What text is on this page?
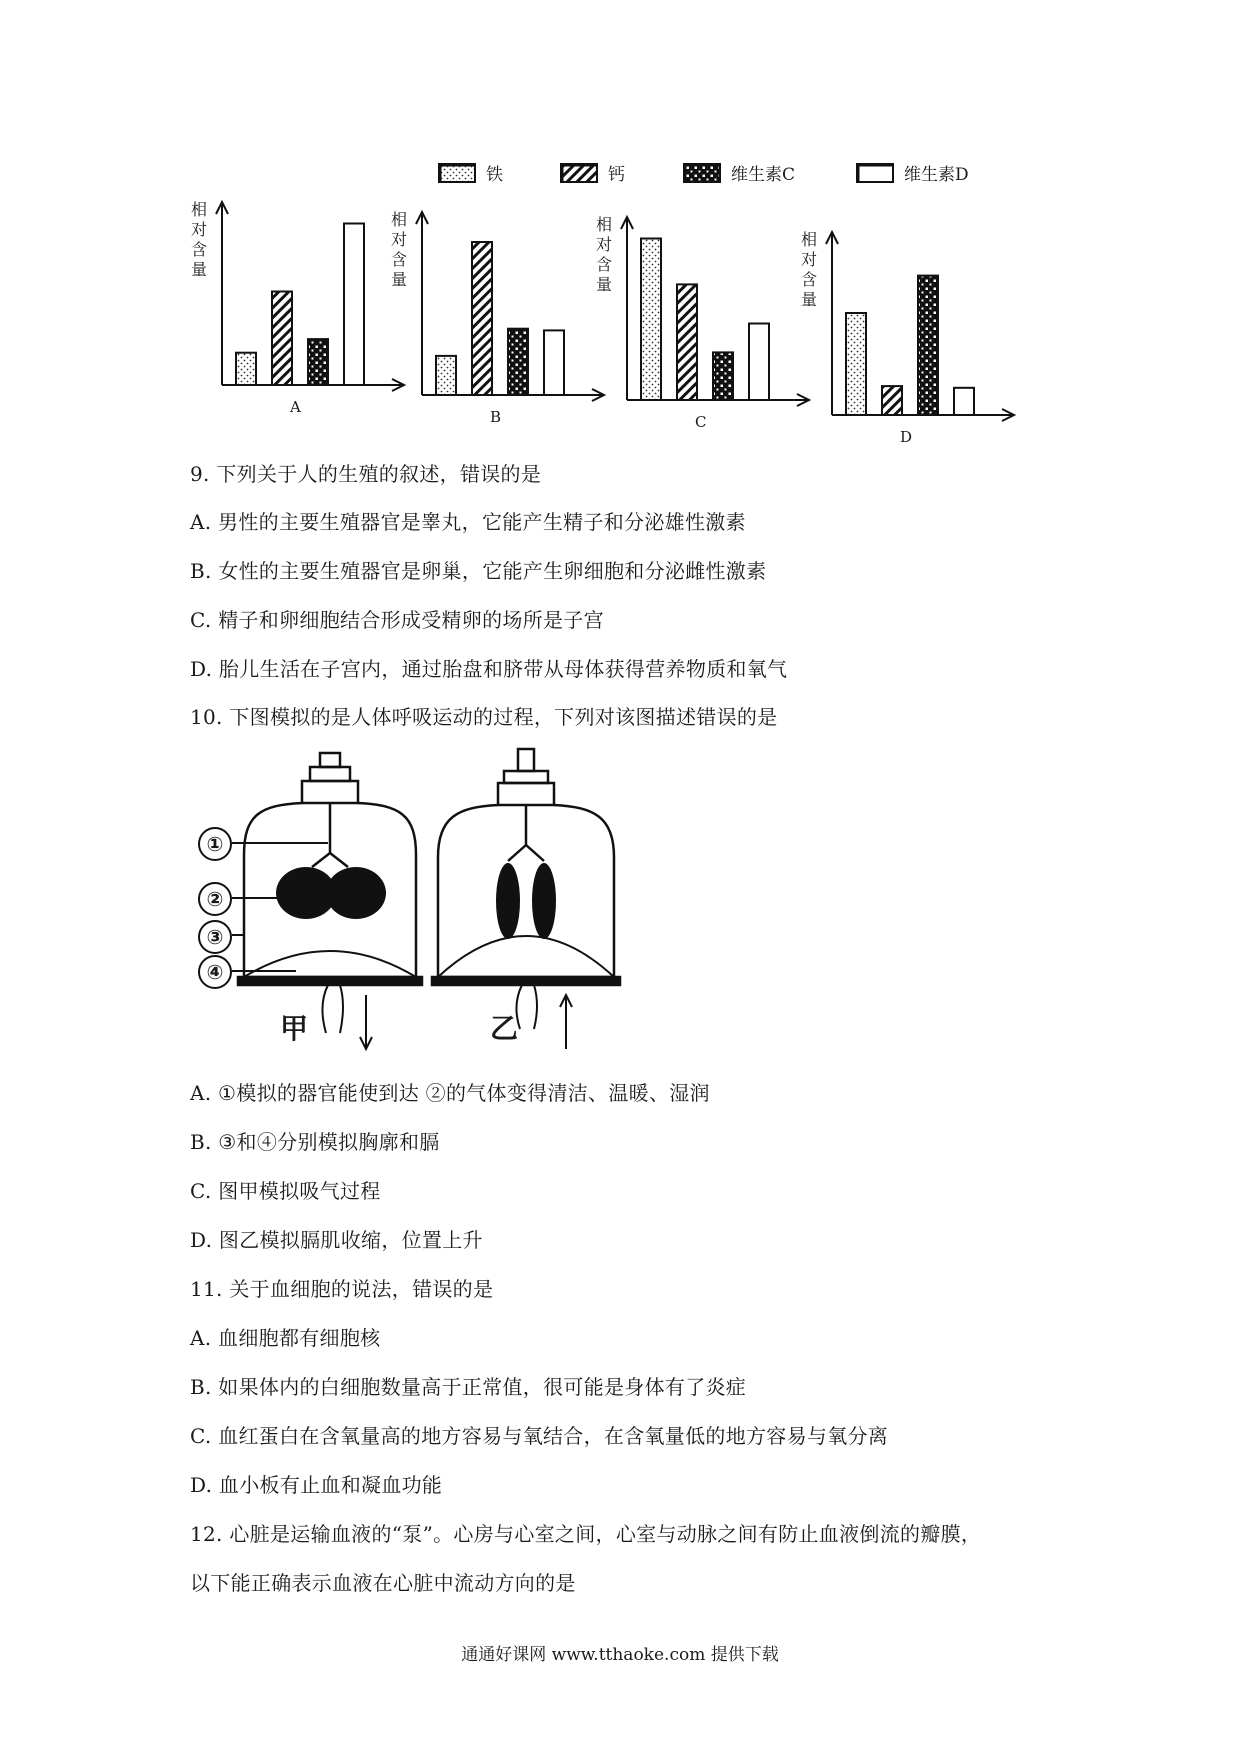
铁	钙	维生素C	维生素D
相对含量
A
相对含量
B
相对含量
C
相对含量
D
9. 下列关于人的生殖的叙述，错误的是
A. 男性的主要生殖器官是睾丸，它能产生精子和分泌雄性激素
B. 女性的主要生殖器官是卵巢，它能产生卵细胞和分泌雌性激素
C. 精子和卵细胞结合形成受精卵的场所是子宫
D. 胎儿生活在子宫内，通过胎盘和脐带从母体获得营养物质和氧气
10. 下图模拟的是人体呼吸运动的过程，下列对该图描述错误的是
①
②
③
④
甲	乙
A. ①模拟的器官能使到达 ②的气体变得清洁、温暖、湿润
B. ③和④分别模拟胸廓和膈
C. 图甲模拟吸气过程
D. 图乙模拟膈肌收缩，位置上升
11. 关于血细胞的说法，错误的是
A. 血细胞都有细胞核
B. 如果体内的白细胞数量高于正常值，很可能是身体有了炎症
C. 血红蛋白在含氧量高的地方容易与氧结合，在含氧量低的地方容易与氧分离
D. 血小板有止血和凝血功能
12. 心脏是运输血液的“泵”。心房与心室之间，心室与动脉之间有防止血液倒流的瓣膜，
以下能正确表示血液在心脏中流动方向的是
通通好课网 www.tthaoke.com 提供下载
